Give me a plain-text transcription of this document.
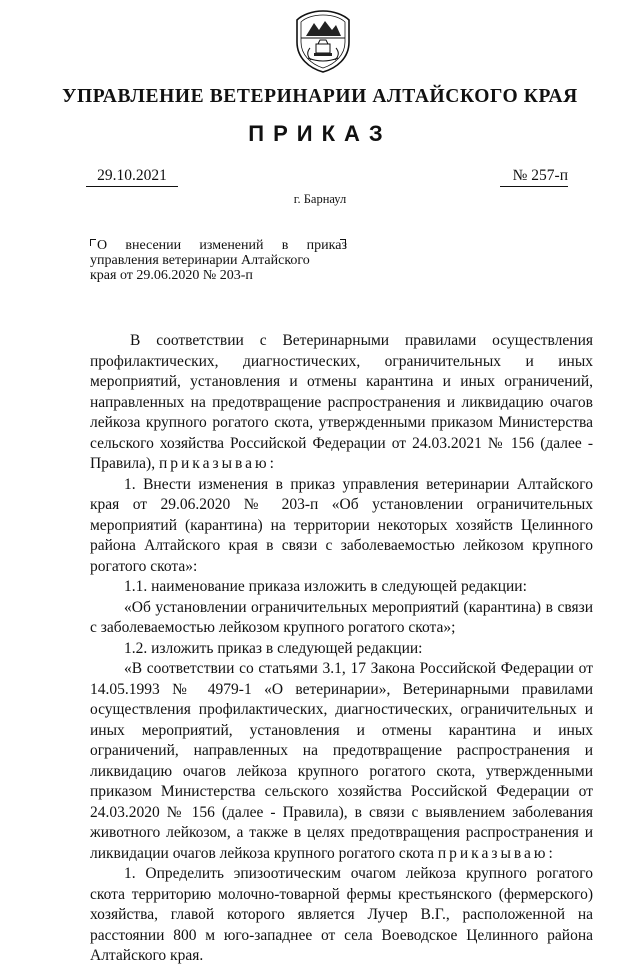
УПРАВЛЕНИЕ ВЕТЕРИНАРИИ АЛТАЙСКОГО КРАЯ
ПРИКАЗ
29.10.2021	№ 257-п
г. Барнаул
О внесении изменений в приказ
управления ветеринарии Алтайского
края от 29.06.2020 № 203-п

В соответствии с Ветеринарными правилами осуществления профилактических, диагностических, ограничительных и иных мероприятий, установления и отмены карантина и иных ограничений, направленных на предотвращение распространения и ликвидацию очагов лейкоза крупного рогатого скота, утвержденными приказом Министерства сельского хозяйства Российской Федерации от 24.03.2021 № 156 (далее - Правила), приказываю:

1. Внести изменения в приказ управления ветеринарии Алтайского края от 29.06.2020 № 203-п «Об установлении ограничительных мероприятий (карантина) на территории некоторых хозяйств Целинного района Алтайского края в связи с заболеваемостью лейкозом крупного рогатого скота»:

1.1. наименование приказа изложить в следующей редакции:

«Об установлении ограничительных мероприятий (карантина) в связи с заболеваемостью лейкозом крупного рогатого скота»;

1.2. изложить приказ в следующей редакции:

«В соответствии со статьями 3.1, 17 Закона Российской Федерации от 14.05.1993 № 4979-1 «О ветеринарии», Ветеринарными правилами осуществления профилактических, диагностических, ограничительных и иных мероприятий, установления и отмены карантина и иных ограничений, направленных на предотвращение распространения и ликвидацию очагов лейкоза крупного рогатого скота, утвержденными приказом Министерства сельского хозяйства Российской Федерации от 24.03.2020 № 156 (далее - Правила), в связи с выявлением заболевания животного лейкозом, а также в целях предотвращения распространения и ликвидации очагов лейкоза крупного рогатого скота приказываю:

1. Определить эпизоотическим очагом лейкоза крупного рогатого скота территорию молочно-товарной фермы крестьянского (фермерского) хозяйства, главой которого является Лучер В.Г., расположенной на расстоянии 800 м юго-западнее от села Воеводское Целинного района Алтайского края.
